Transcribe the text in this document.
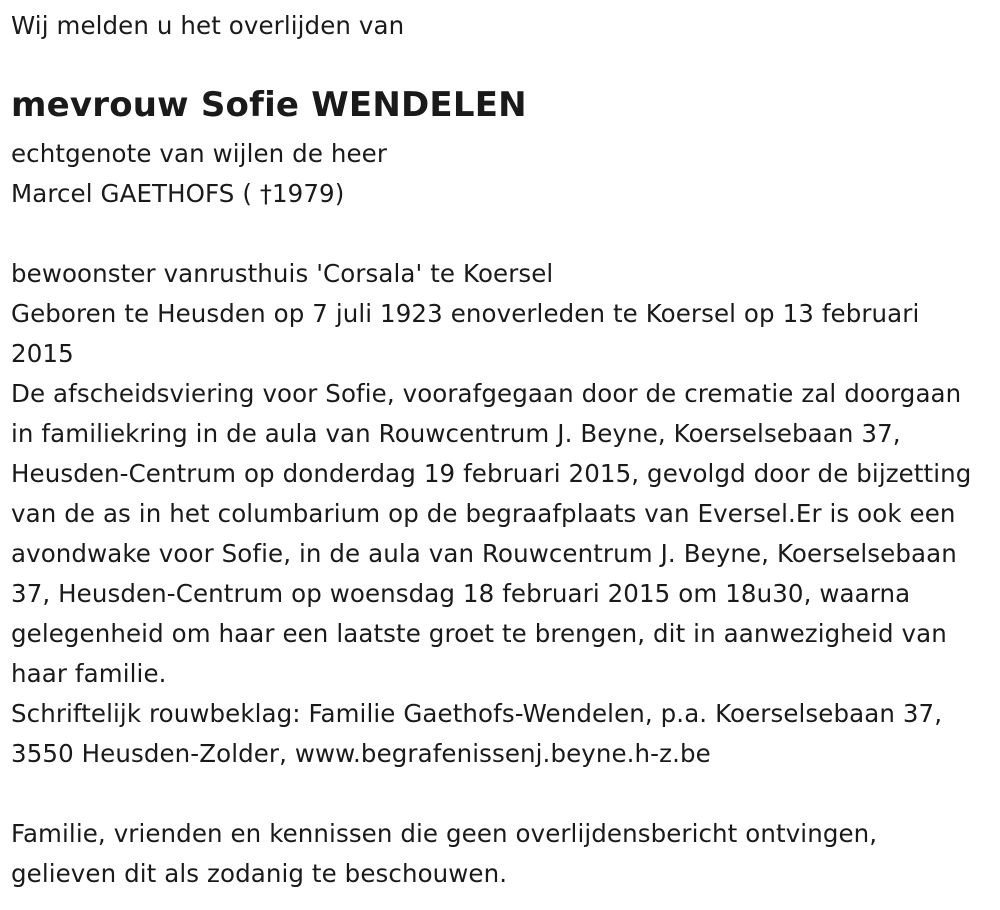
Wij melden u het overlijden van
mevrouw Sofie WENDELEN
echtgenote van wijlen de heer
Marcel GAETHOFS ( †1979)

bewoonster vanrusthuis 'Corsala' te Koersel

Geboren te Heusden op 7 juli 1923 enoverleden te Koersel op 13 februari 2015

De afscheidsviering voor Sofie, voorafgegaan door de crematie zal doorgaan in familiekring in de aula van Rouwcentrum J. Beyne, Koerselsebaan 37, Heusden-Centrum op donderdag 19 februari 2015, gevolgd door de bijzetting van de as in het columbarium op de begraafplaats van Eversel.Er is ook een avondwake voor Sofie, in de aula van Rouwcentrum J. Beyne, Koerselsebaan 37, Heusden-Centrum op woensdag 18 februari 2015 om 18u30, waarna gelegenheid om haar een laatste groet te brengen, dit in aanwezigheid van haar familie.

Schriftelijk rouwbeklag: Familie Gaethofs-Wendelen, p.a. Koerselsebaan 37, 3550 Heusden-Zolder, www.begrafenissenj.beyne.h-z.be

Familie, vrienden en kennissen die geen overlijdensbericht ontvingen,
gelieven dit als zodanig te beschouwen.
